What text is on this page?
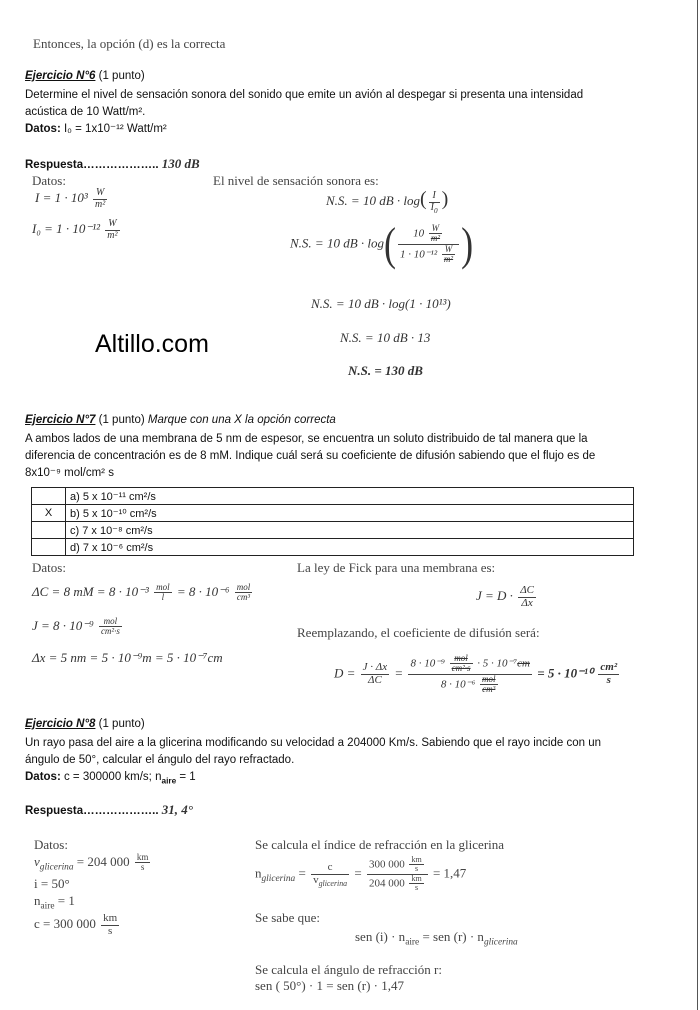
Entonces, la opción (d) es la correcta
Ejercicio N°6 (1 punto)
Determine el nivel de sensación sonora del sonido que emite un avión al despegar si presenta una intensidad
acústica de 10 Watt/m².
Datos: I₀ = 1x10⁻¹² Watt/m²
Respuesta……………….. 130 dB
Datos:
$I = 1 \cdot 10^3 \frac{W}{\text{m²}}$
$I_0 = 1 \cdot 10^{-12} \frac{W}{\text{m²}}$
El nivel de sensación sonora es:
N.S. = 10 dB · $\log( \frac{I}{I_0}$ )
N.S. = 10 dB · $\log( \frac{10 \frac{W}{\text{m²}}}{1 \cdot 10^{-12} \frac{W}{\text{m²}}}$ )
N.S. = 10 dB · log(1 · 10¹³)
N.S. = 10 dB · 13
N.S. = 130 dB
Altillo.com
Ejercicio N°7 (1 punto) Marque con una X la opción correcta
A ambos lados de una membrana de 5 nm de espesor, se encuentra un soluto distribuido de tal manera que la
diferencia de concentración es de 8 mM. Indique cuál será su coeficiente de difusión sabiendo que el flujo es de
8x10⁻⁹ mol/cm² s
	a) 5 x 10⁻¹¹ cm²/s
X	b) 5 x 10⁻¹⁰ cm²/s
	c) 7 x 10⁻⁸ cm²/s
	d) 7 x 10⁻⁶ cm²/s
Datos:
ΔC = 8 mM = $8 \cdot 10^{-3} \frac{\text{mol}}{l} = 8 \cdot 10^{-6} \frac{\text{mol}}{\text{cm³}}$
$J = 8 \cdot 10^{-9} \frac{\text{mol}}{\text{cm²·s}}$
Δx = 5 nm = 5 · 10⁻⁹m = 5 · 10⁻⁷cm
La ley de Fick para una membrana es:
$J = D \cdot \frac{\Delta C}{\Delta x}$
Reemplazando, el coeficiente de difusión será:
$D = \frac{J \cdot \Delta x}{\Delta C} = \frac{8 \cdot 10^{-9} \frac{\text{mol}}{\text{cm²·s}} \cdot 5 \cdot 10^{-7}cm}{8 \cdot 10^{-6} \frac{\text{mol}}{\text{cm³}}} = 5 \cdot 10^{-10} \frac{\text{cm²}}{s}$
Ejercicio N°8 (1 punto)
Un rayo pasa del aire a la glicerina modificando su velocidad a 204000 Km/s. Sabiendo que el rayo incide con un
ángulo de 50°, calcular el ángulo del rayo refractado.
Datos: c = 300000 km/s; $n_{aire} = 1$
Respuesta……………….. 31, 4°
Datos:
$v_{glicerina} = 204$ $000 \frac{km}{s}$
i = 50°
$n_{aire} = 1$
c = 300 $000 \frac{km}{s}$
Se calcula el índice de refracción en la glicerina
$n_{glicerina} = \frac{c}{v_{glicerina}} = \frac{300 000 \frac{km}{s}}{204 000 \frac{km}{s}} = 1,47$
Se sabe que:
sen $(i) \cdot n_{aire}$ = sen $(r) \cdot n_{glicerina}$
Se calcula el ángulo de refracción r:
sen ( 50°) · 1 = sen (r) · 1,47
